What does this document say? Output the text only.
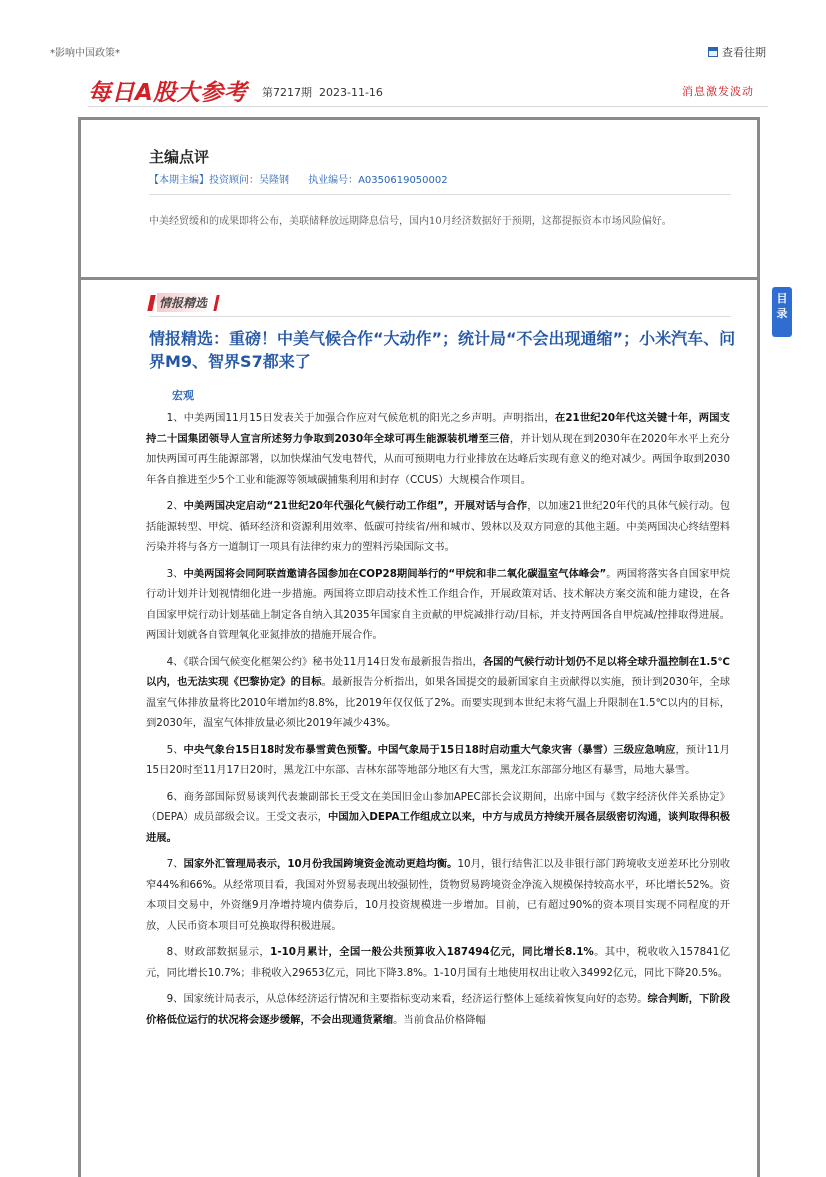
*影响中国政策*	查看往期
每日A股大参考 第7217期 2023-11-16	消息激发波动
主编点评
【本期主编】投资顾问：吴隆钢      执业编号：A0350619050002
中美经贸缓和的成果即将公布，美联储释放远期降息信号，国内10月经济数据好于预期，这都提振资本市场风险偏好。
情报精选
情报精选：重磅！中美气候合作“大动作”；统计局“不会出现通缩”；小米汽车、问界M9、智界S7都来了
宏观

1、中美两国11月15日发表关于加强合作应对气候危机的阳光之乡声明。声明指出，在21世纪20年代这关键十年，两国支持二十国集团领导人宣言所述努力争取到2030年全球可再生能源装机增至三倍，并计划从现在到2030年在2020年水平上充分加快两国可再生能源部署，以加快煤油气发电替代，从而可预期电力行业排放在达峰后实现有意义的绝对减少。两国争取到2030年各自推进至少5个工业和能源等领域碳捕集利用和封存（CCUS）大规模合作项目。

2、中美两国决定启动“21世纪20年代强化气候行动工作组”，开展对话与合作，以加速21世纪20年代的具体气候行动。包括能源转型、甲烷、循环经济和资源利用效率、低碳可持续省/州和城市、毁林以及双方同意的其他主题。中美两国决心终结塑料污染并将与各方一道制订一项具有法律约束力的塑料污染国际文书。

3、中美两国将会同阿联酋邀请各国参加在COP28期间举行的“甲烷和非二氧化碳温室气体峰会”。两国将落实各自国家甲烷行动计划并计划视情细化进一步措施。两国将立即启动技术性工作组合作，开展政策对话、技术解决方案交流和能力建设，在各自国家甲烷行动计划基础上制定各自纳入其2035年国家自主贡献的甲烷减排行动/目标，并支持两国各自甲烷减/控排取得进展。两国计划就各自管理氧化亚氮排放的措施开展合作。

4、《联合国气候变化框架公约》秘书处11月14日发布最新报告指出，各国的气候行动计划仍不足以将全球升温控制在1.5℃以内，也无法实现《巴黎协定》的目标。最新报告分析指出，如果各国提交的最新国家自主贡献得以实施，预计到2030年，全球温室气体排放量将比2010年增加约8.8%，比2019年仅仅低了2%。而要实现到本世纪末将气温上升限制在1.5℃以内的目标，到2030年，温室气体排放量必须比2019年减少43%。

5、中央气象台15日18时发布暴雪黄色预警。中国气象局于15日18时启动重大气象灾害（暴雪）三级应急响应，预计11月15日20时至11月17日20时，黑龙江中东部、吉林东部等地部分地区有大雪，黑龙江东部部分地区有暴雪，局地大暴雪。

6、商务部国际贸易谈判代表兼副部长王受文在美国旧金山参加APEC部长会议期间，出席中国与《数字经济伙伴关系协定》（DEPA）成员部级会议。王受文表示，中国加入DEPA工作组成立以来，中方与成员方持续开展各层级密切沟通，谈判取得积极进展。

7、国家外汇管理局表示，10月份我国跨境资金流动更趋均衡。10月，银行结售汇以及非银行部门跨境收支逆差环比分别收窄44%和66%。从经常项目看，我国对外贸易表现出较强韧性，货物贸易跨境资金净流入规模保持较高水平，环比增长52%。资本项目交易中，外资继9月净增持境内债券后，10月投资规模进一步增加。目前，已有超过90%的资本项目实现不同程度的开放，人民币资本项目可兑换取得积极进展。

8、财政部数据显示，1-10月累计，全国一般公共预算收入187494亿元，同比增长8.1%。其中，税收收入157841亿元，同比增长10.7%；非税收入29653亿元，同比下降3.8%。1-10月国有土地使用权出让收入34992亿元，同比下降20.5%。

9、国家统计局表示，从总体经济运行情况和主要指标变动来看，经济运行整体上延续着恢复向好的态势。综合判断，下阶段价格低位运行的状况将会逐步缓解，不会出现通货紧缩。当前食品价格降幅

目
录
